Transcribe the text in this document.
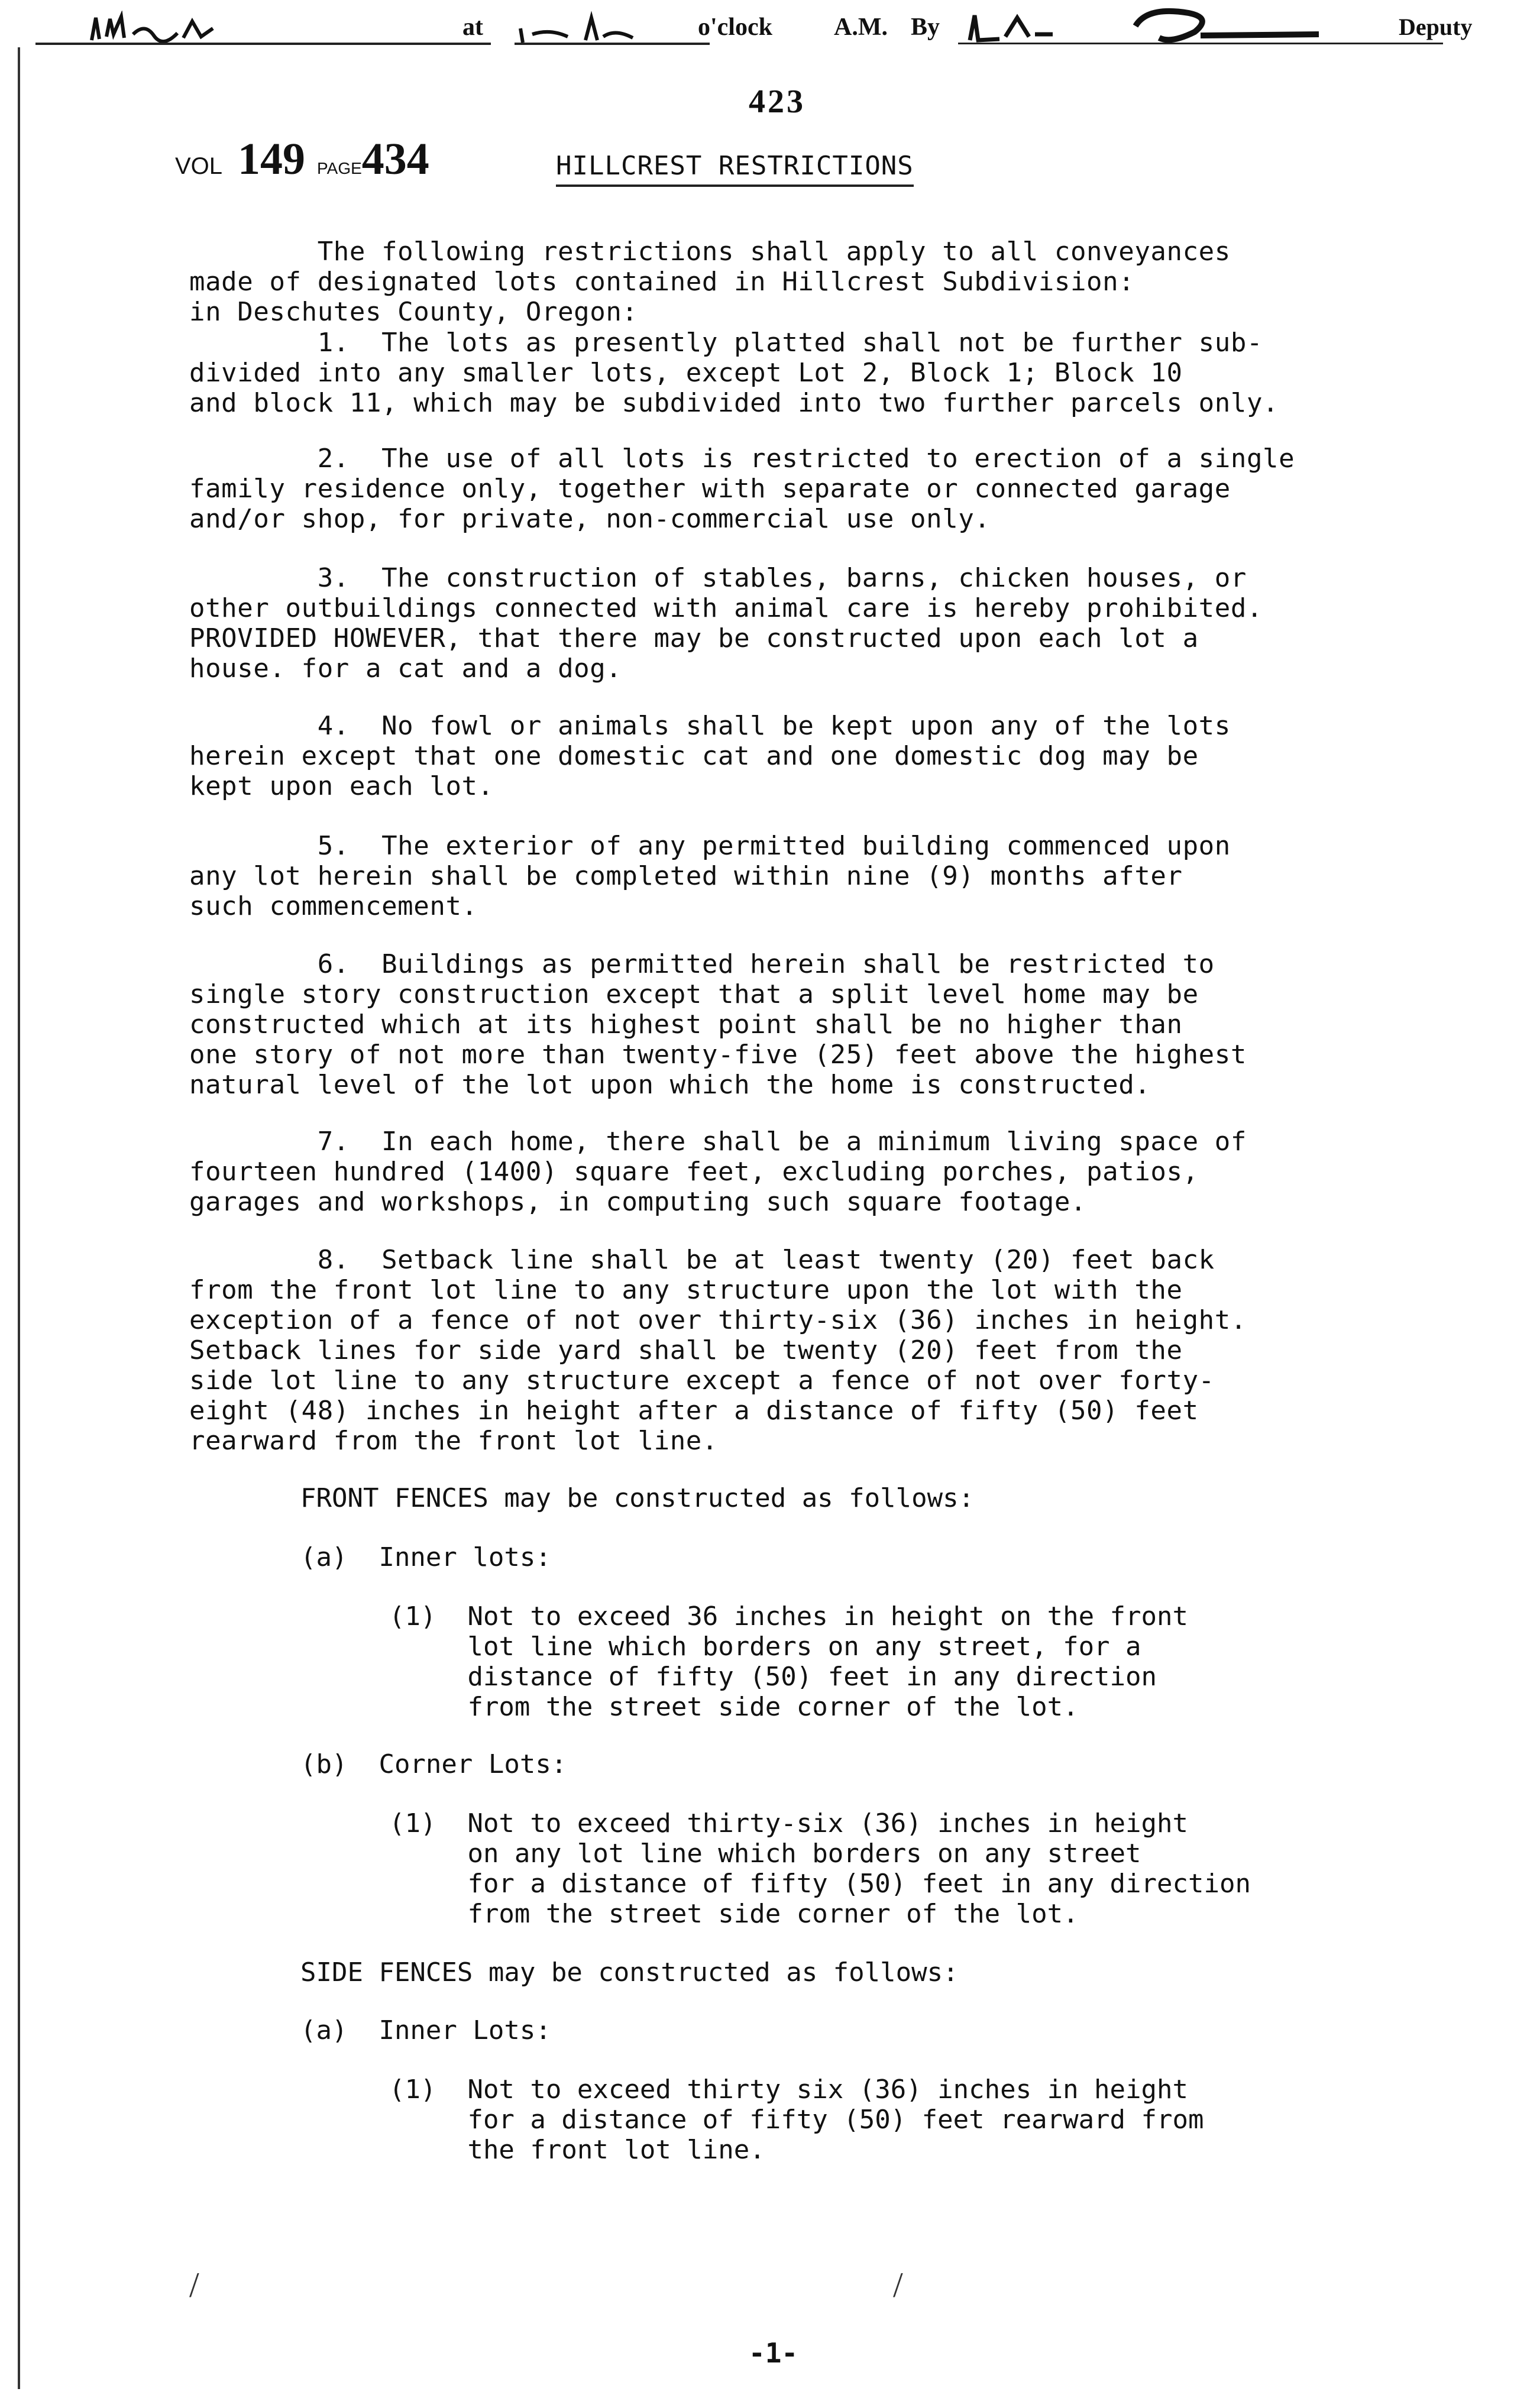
at	o'clock A.M. By	Deputy
423
VOL 149 PAGE434	HILLCREST RESTRICTIONS
The following restrictions shall apply to all conveyances
made of designated lots contained in Hillcrest Subdivision:
in Deschutes County, Oregon:
1.  The lots as presently platted shall not be further sub-
divided into any smaller lots, except Lot 2, Block 1; Block 10
and block 11, which may be subdivided into two further parcels only.
2.  The use of all lots is restricted to erection of a single
family residence only, together with separate or connected garage
and/or shop, for private, non-commercial use only.
3.  The construction of stables, barns, chicken houses, or
other outbuildings connected with animal care is hereby prohibited.
PROVIDED HOWEVER, that there may be constructed upon each lot a
house. for a cat and a dog.
4.  No fowl or animals shall be kept upon any of the lots
herein except that one domestic cat and one domestic dog may be
kept upon each lot.
5.  The exterior of any permitted building commenced upon
any lot herein shall be completed within nine (9) months after
such commencement.
6.  Buildings as permitted herein shall be restricted to
single story construction except that a split level home may be
constructed which at its highest point shall be no higher than
one story of not more than twenty-five (25) feet above the highest
natural level of the lot upon which the home is constructed.
7.  In each home, there shall be a minimum living space of
fourteen hundred (1400) square feet, excluding porches, patios,
garages and workshops, in computing such square footage.
8.  Setback line shall be at least twenty (20) feet back
from the front lot line to any structure upon the lot with the
exception of a fence of not over thirty-six (36) inches in height.
Setback lines for side yard shall be twenty (20) feet from the
side lot line to any structure except a fence of not over forty-
eight (48) inches in height after a distance of fifty (50) feet
rearward from the front lot line.
FRONT FENCES may be constructed as follows:
(a)  Inner lots:
(1)  Not to exceed 36 inches in height on the front
lot line which borders on any street, for a
distance of fifty (50) feet in any direction
from the street side corner of the lot.
(b)  Corner Lots:
(1)  Not to exceed thirty-six (36) inches in height
on any lot line which borders on any street
for a distance of fifty (50) feet in any direction
from the street side corner of the lot.
SIDE FENCES may be constructed as follows:
(a)  Inner Lots:
(1)  Not to exceed thirty six (36) inches in height
for a distance of fifty (50) feet rearward from
the front lot line.
/	/
-1-
